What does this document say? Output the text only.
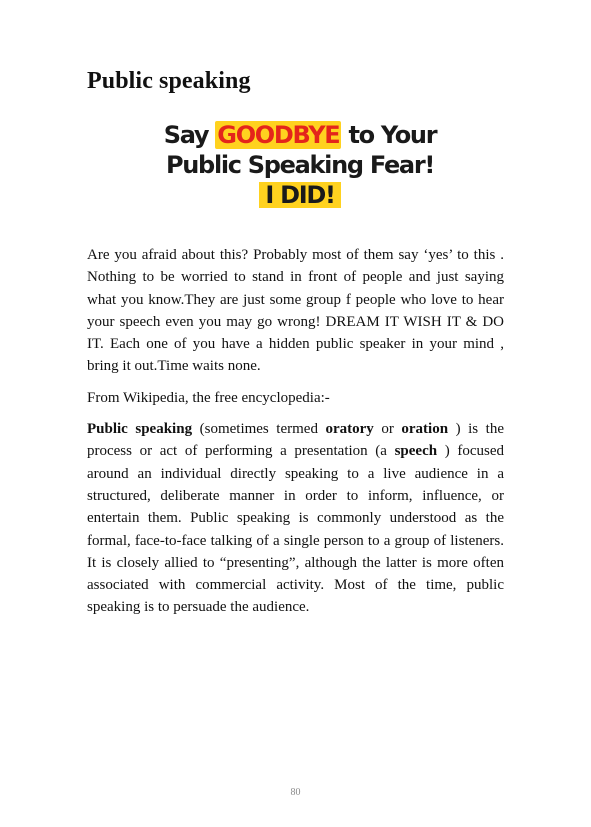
Public speaking
Say GOODBYE to Your
Public Speaking Fear!
I DID!

Are you afraid about this? Probably most of them say ‘yes’ to this . Nothing to be worried to stand in front of people and just saying what you know.They are just some group f people who love to hear your speech even you may go wrong! DREAM IT WISH IT & DO IT. Each one of you have a hidden public speaker in your mind , bring it out.Time waits none.

From Wikipedia, the free encyclopedia:-

Public speaking (sometimes termed oratory or oration ) is the process or act of performing a presentation (a speech ) focused around an individual directly speaking to a live audience in a structured, deliberate manner in order to inform, influence, or entertain them. Public speaking is commonly understood as the formal, face-to-face talking of a single person to a group of listeners. It is closely allied to “presenting”, although the latter is more often associated with commercial activity. Most of the time, public speaking is to persuade the audience.

80
